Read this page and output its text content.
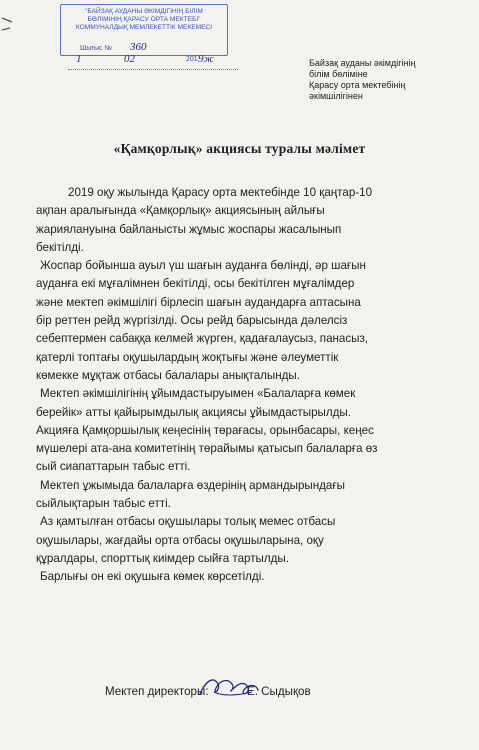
"БАЙЗАҚ АУДАНЫ ӘКІМДІГІНІҢ БІЛІМ
БӨЛІМІНІҢ ҚАРАСУ ОРТА МЕКТЕБІ"
КОММУНАЛДЫҚ МЕМЛЕКЕТТІК МЕКЕМЕСІ
Шығыс № 360
1	02	201 9ж	Байзақ ауданы әкімдігінің
білім бөліміне
Қарасу орта мектебінің
әкімшілігінен
«Қамқорлық» акциясы туралы мәлімет

2019 оқу жылында Қарасу орта мектебінде 10 қаңтар-10

ақпан аралығында «Қамқорлық» акциясының айлығы
жариялануына байланысты жұмыс жоспары жасалынып
бекітілді.

Жоспар бойынша ауыл үш шағын ауданға бөлінді, әр шағын
ауданға екі мұғалімнен бекітілді, осы бекітілген мұғалімдер
және мектеп әкімшілігі бірлесіп шағын аудандарға аптасына
бір реттен рейд жүргізілді. Осы рейд барысында дәлелсіз
себептермен сабаққа келмей жүрген, қадағалаусыз, панасыз,
қатерлі топтағы оқушылардың жоқтығы және әлеуметтік
көмекке мұқтаж отбасы балалары анықталынды.

Мектеп әкімшілігінің ұйымдастыруымен «Балаларға көмек
берейік» атты қайырымдылық акциясы ұйымдастырылды.
Акцияға Қамқоршылық кеңесінің төрағасы, орынбасары, кеңес
мүшелері ата-ана комитетінің төрайымы қатысып балаларға өз
сый сиапаттарын табыс етті.

Мектеп ұжымыда балаларға өздерінің армандырындағы
сыйлықтарын табыс етті.

Аз қамтылған отбасы оқушылары толық мемес отбасы
оқушылары, жағдайы орта отбасы оқушыларына, оқу
құралдары, спорттық киімдер сыйға тартылды.

Барлығы он екі оқушыға көмек көрсетілді.

Мектеп директоры:	Е. Сыдықов
